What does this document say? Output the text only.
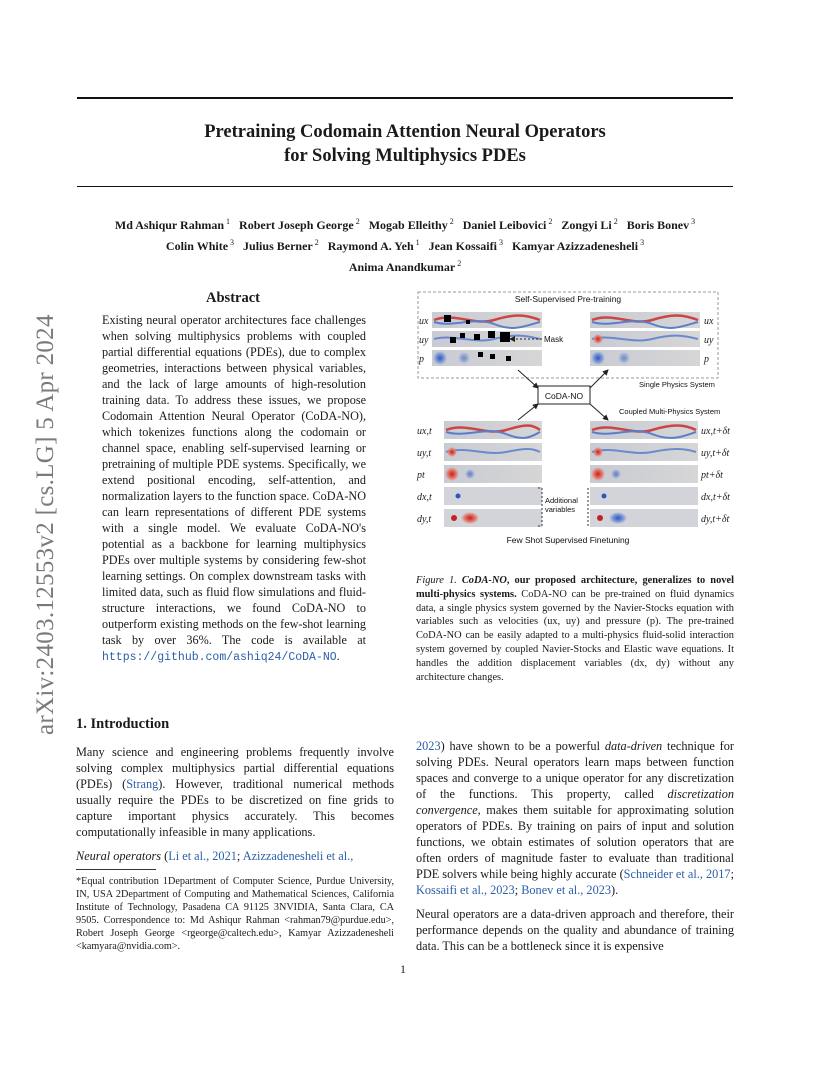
Pretraining Codomain Attention Neural Operators
for Solving Multiphysics PDEs
Md Ashiqur Rahman $^1$ Robert Joseph George $^2$ Mogab Elleithy $^2$ Daniel Leibovici $^2$ Zongyi Li $^2$ Boris Bonev $^3$
Colin White $^3$ Julius Berner $^2$ Raymond A. Yeh $^1$ Jean Kossaifi $^3$ Kamyar Azizzadenesheli $^3$
Anima Anandkumar $^2$
arXiv:2403.12553v2 [cs.LG] 5 Apr 2024
Abstract

Existing neural operator architectures face challenges when solving multiphysics problems with coupled partial differential equations (PDEs), due to complex geometries, interactions between physical variables, and the lack of large amounts of high-resolution training data. To address these issues, we propose Codomain Attention Neural Operator (CoDA-NO), which tokenizes functions along the codomain or channel space, enabling self-supervised learning or pretraining of multiple PDE systems. Specifically, we extend positional encoding, self-attention, and normalization layers to the function space. CoDA-NO can learn representations of different PDE systems with a single model. We evaluate CoDA-NO's potential as a backbone for learning multiphysics PDEs over multiple systems by considering few-shot learning settings. On complex downstream tasks with limited data, such as fluid flow simulations and fluid-structure interactions, we found CoDA-NO to outperform existing methods on the few-shot learning task by over 36%. The code is available at https://github.com/ashiq24/CoDA-NO.

Self-Supervised Pre-training
ux
uy
p
Mask
ux
uy
p
Single Physics System
CoDA-NO
Coupled Multi-Physics System
ux,t
uy,t
pt
dx,t
dy,t
Additional
variables
ux,t+δt
uy,t+δt
pt+δt
dx,t+δt
dy,t+δt
Few Shot Supervised Finetuning

Figure 1. CoDA-NO, our proposed architecture, generalizes to novel multi-physics systems. CoDA-NO can be pre-trained on fluid dynamics data, a single physics system governed by the Navier-Stocks equation with variables such as velocities (ux, uy) and pressure (p). The pre-trained CoDA-NO can be easily adapted to a multi-physics fluid-solid interaction system governed by coupled Navier-Stocks and Elastic wave equations. It handles the addition displacement variables (dx, dy) without any architecture changes.

1. Introduction

Many science and engineering problems frequently involve solving complex multiphysics partial differential equations (PDEs) (Strang). However, traditional numerical methods usually require the PDEs to be discretized on fine grids to capture important physics accurately. This becomes computationally infeasible in many applications.

Neural operators (Li et al., 2021; Azizzadenesheli et al.,

*Equal contribution 1Department of Computer Science, Purdue University, IN, USA 2Department of Computing and Mathematical Sciences, California Institute of Technology, Pasadena CA 91125 3NVIDIA, Santa Clara, CA 9505. Correspondence to: Md Ashiqur Rahman <rahman79@purdue.edu>, Robert Joseph George <rgeorge@caltech.edu>, Kamyar Azizzadenesheli <kamyara@nvidia.com>.

2023) have shown to be a powerful data-driven technique for solving PDEs. Neural operators learn maps between function spaces and converge to a unique operator for any discretization of the functions. This property, called discretization convergence, makes them suitable for approximating solution operators of PDEs. By training on pairs of input and solution functions, we obtain estimates of solution operators that are often orders of magnitude faster to evaluate than traditional PDE solvers while being highly accurate (Schneider et al., 2017; Kossaifi et al., 2023; Bonev et al., 2023).

Neural operators are a data-driven approach and therefore, their performance depends on the quality and abundance of training data. This can be a bottleneck since it is expensive

1
